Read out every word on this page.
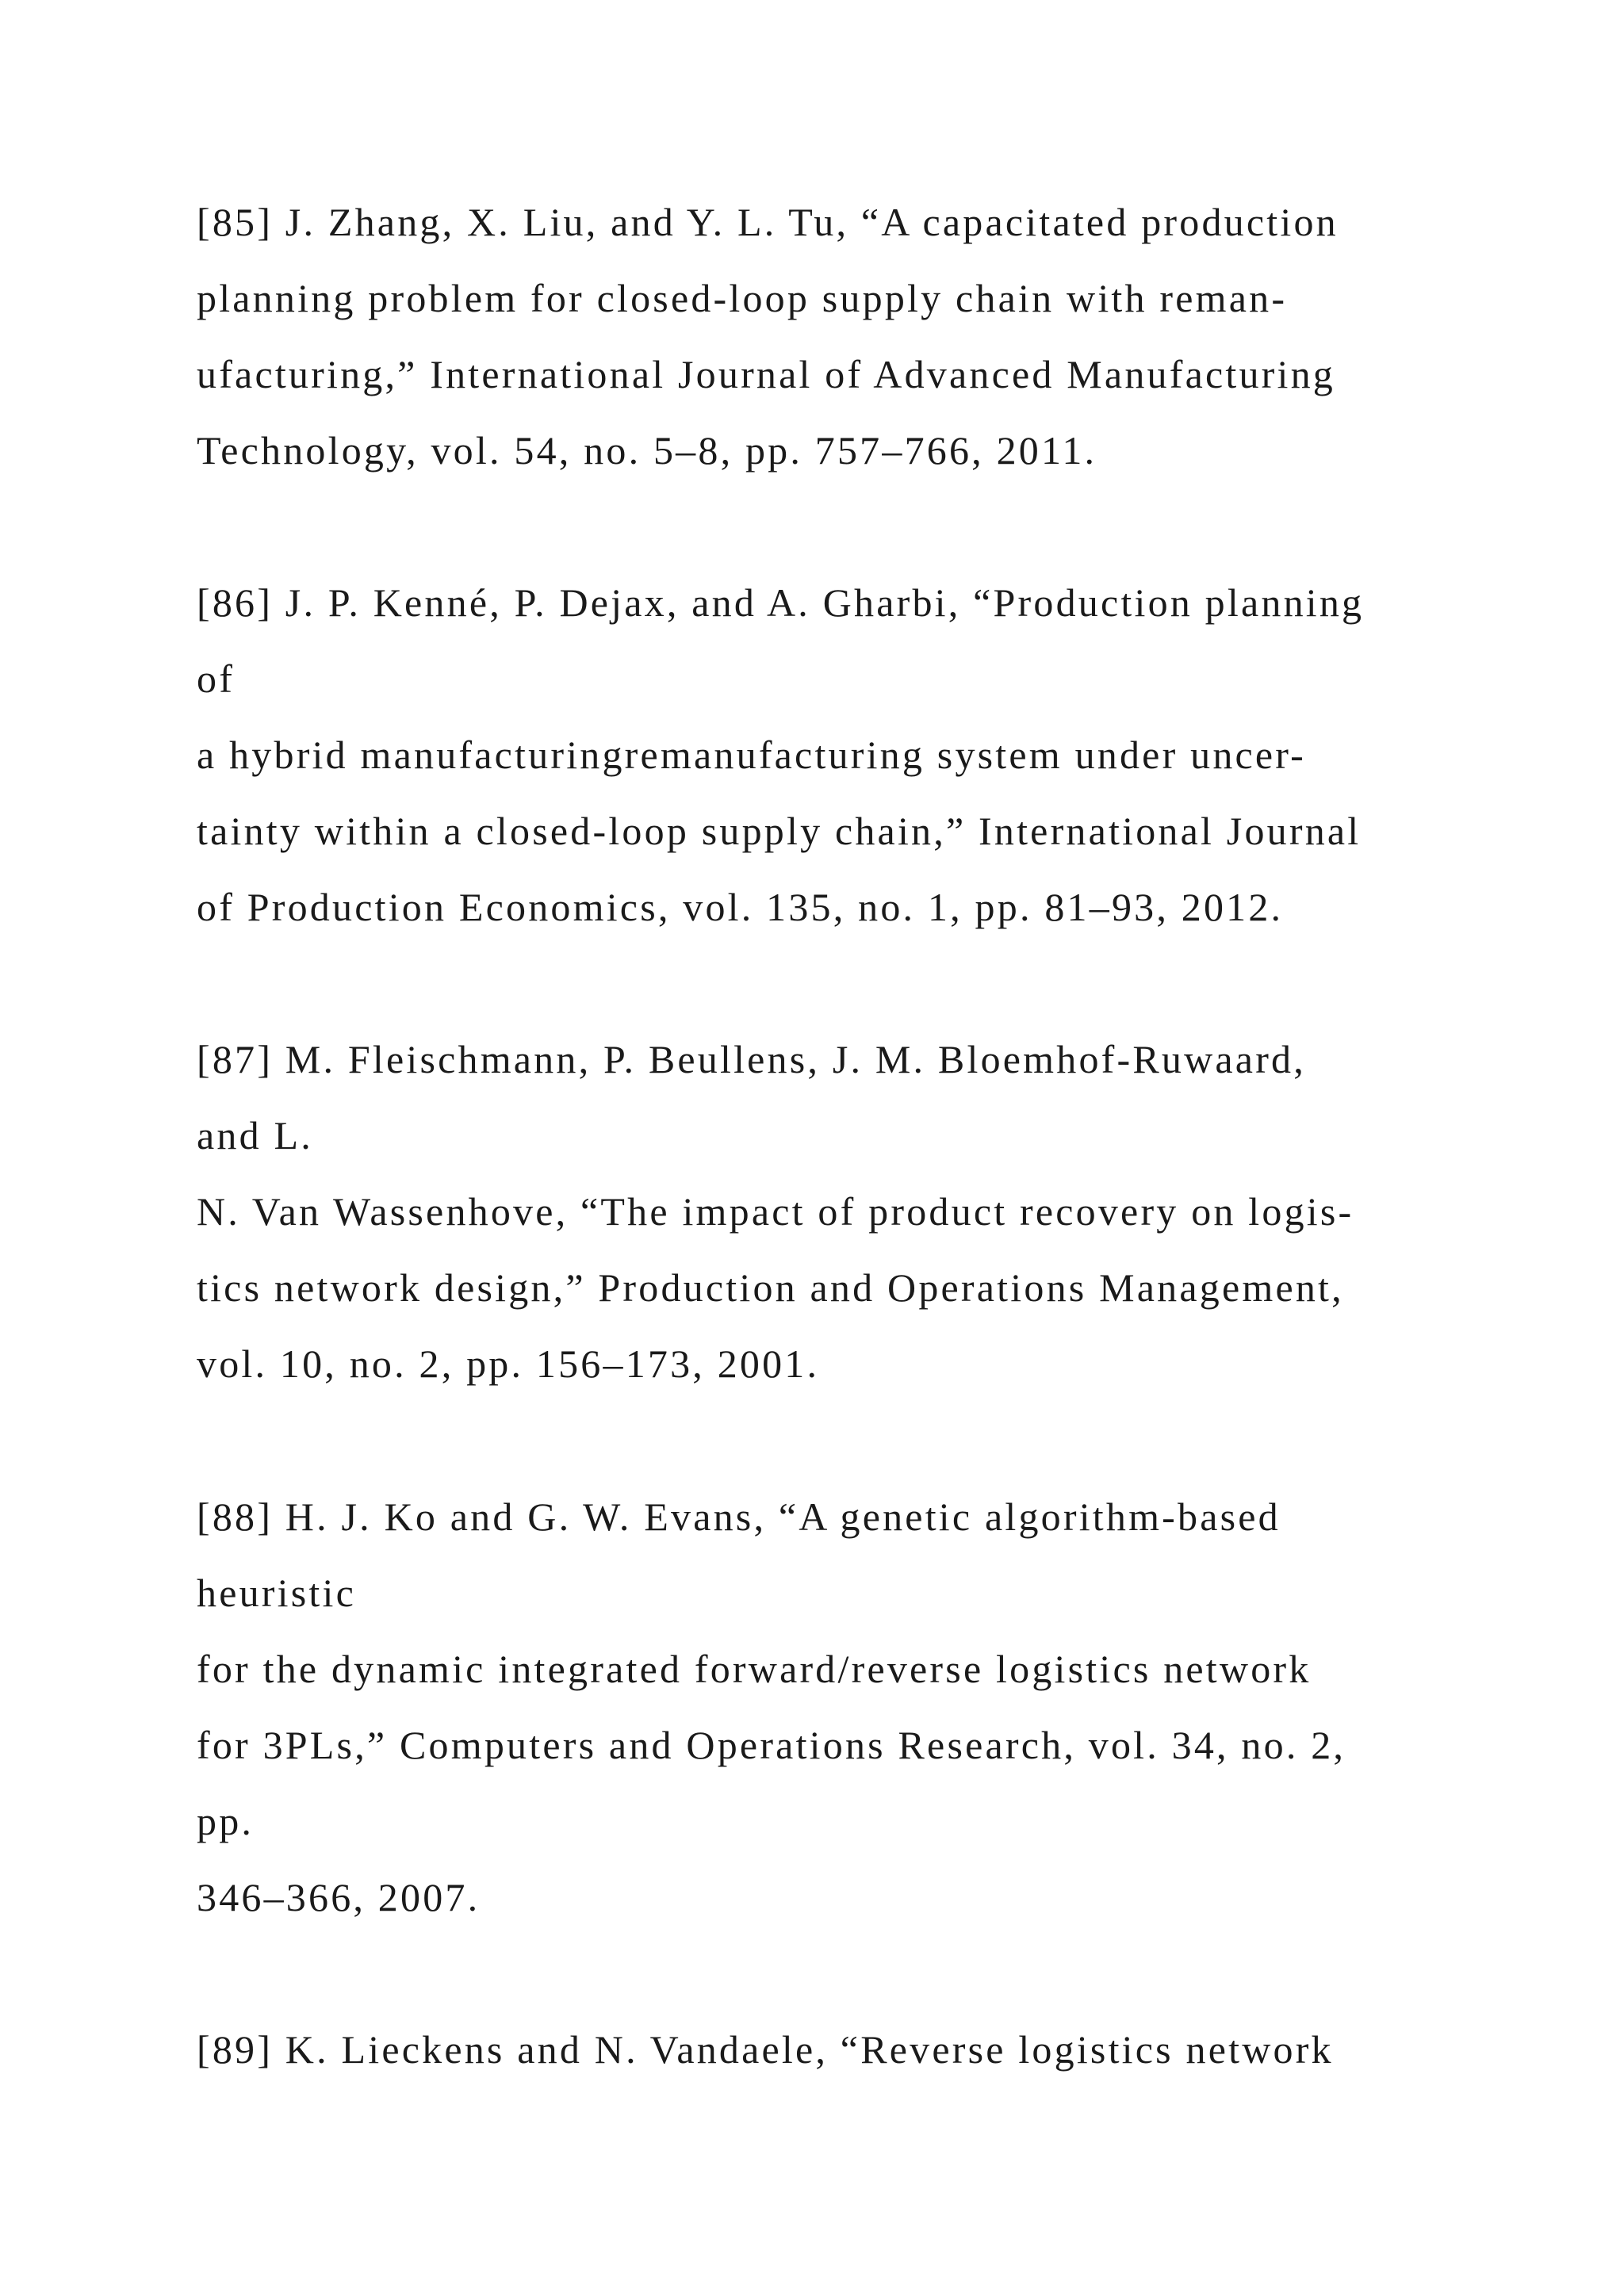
[85] J. Zhang, X. Liu, and Y. L. Tu, “A capacitated production
planning problem for closed-loop supply chain with reman-
ufacturing,” International Journal of Advanced Manufacturing
Technology, vol. 54, no. 5–8, pp. 757–766, 2011.
[86] J. P. Kenné, P. Dejax, and A. Gharbi, “Production planning
of
a hybrid manufacturingremanufacturing system under uncer-
tainty within a closed-loop supply chain,” International Journal
of Production Economics, vol. 135, no. 1, pp. 81–93, 2012.
[87] M. Fleischmann, P. Beullens, J. M. Bloemhof-Ruwaard,
and L.
N. Van Wassenhove, “The impact of product recovery on logis-
tics network design,” Production and Operations Management,
vol. 10, no. 2, pp. 156–173, 2001.
[88] H. J. Ko and G. W. Evans, “A genetic algorithm-based
heuristic
for the dynamic integrated forward/reverse logistics network
for 3PLs,” Computers and Operations Research, vol. 34, no. 2,
pp.
346–366, 2007.
[89] K. Lieckens and N. Vandaele, “Reverse logistics network
